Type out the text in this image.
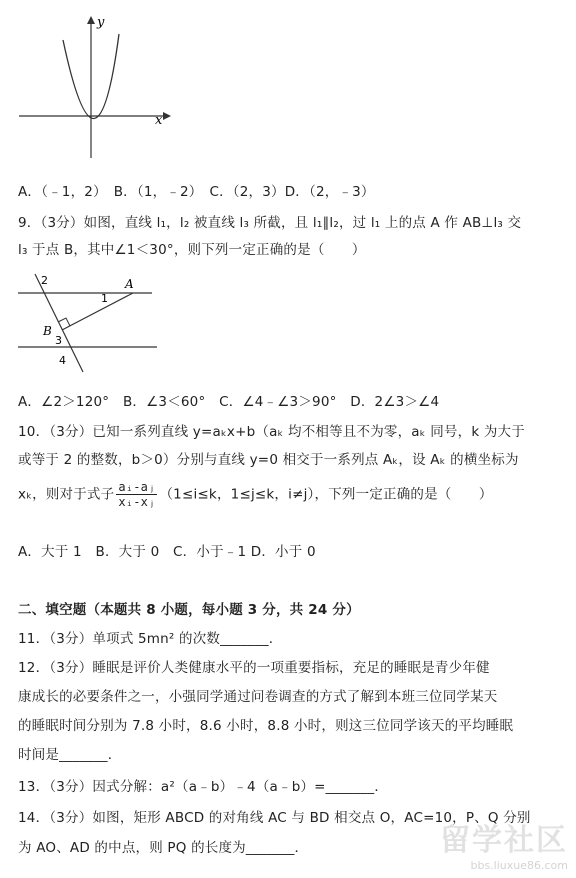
y
x
A．（﹣1，2）　B．（1，﹣2）　C．（2，3）D．（2，﹣3）
9．（3分）如图，直线 l₁，l₂ 被直线 l₃ 所截，且 l₁∥l₂，过 l₁ 上的点 A 作 AB⊥l₃ 交
l₃ 于点 B，其中∠1＜30°，则下列一定正确的是（　　）
A
B
1
2
3
4
A．∠2＞120°　B．∠3＜60°　C．∠4﹣∠3＞90°　D．2∠3＞∠4
10．（3分）已知一系列直线 y=aₖx+b（aₖ 均不相等且不为零，aₖ 同号，k 为大于
或等于 2 的整数，b＞0）分别与直线 y=0 相交于一系列点 Aₖ，设 Aₖ 的横坐标为
xₖ，则对于式子 $\frac{\text{aᵢ-aⱼ}}{\text{xᵢ-xⱼ}} (1\le i\le k$，1≤j≤k，i≠j），下列一定正确的是（　　）
A．大于 1　B．大于 0　C．小于﹣1 D．小于 0
二、填空题（本题共 8 小题，每小题 3 分，共 24 分）
11．（3分）单项式 5mn² 的次数_______．
12．（3分）睡眠是评价人类健康水平的一项重要指标，充足的睡眠是青少年健
康成长的必要条件之一，小强同学通过问卷调查的方式了解到本班三位同学某天
的睡眠时间分别为 7.8 小时，8.6 小时，8.8 小时，则这三位同学该天的平均睡眠
时间是_______．
13．（3分）因式分解：a²（a﹣b）﹣4（a﹣b）=_______．
14．（3分）如图，矩形 ABCD 的对角线 AC 与 BD 相交点 O，AC=10，P、Q 分别
为 AO、AD 的中点，则 PQ 的长度为_______．	留学社区
bbs.liuxue86.com
